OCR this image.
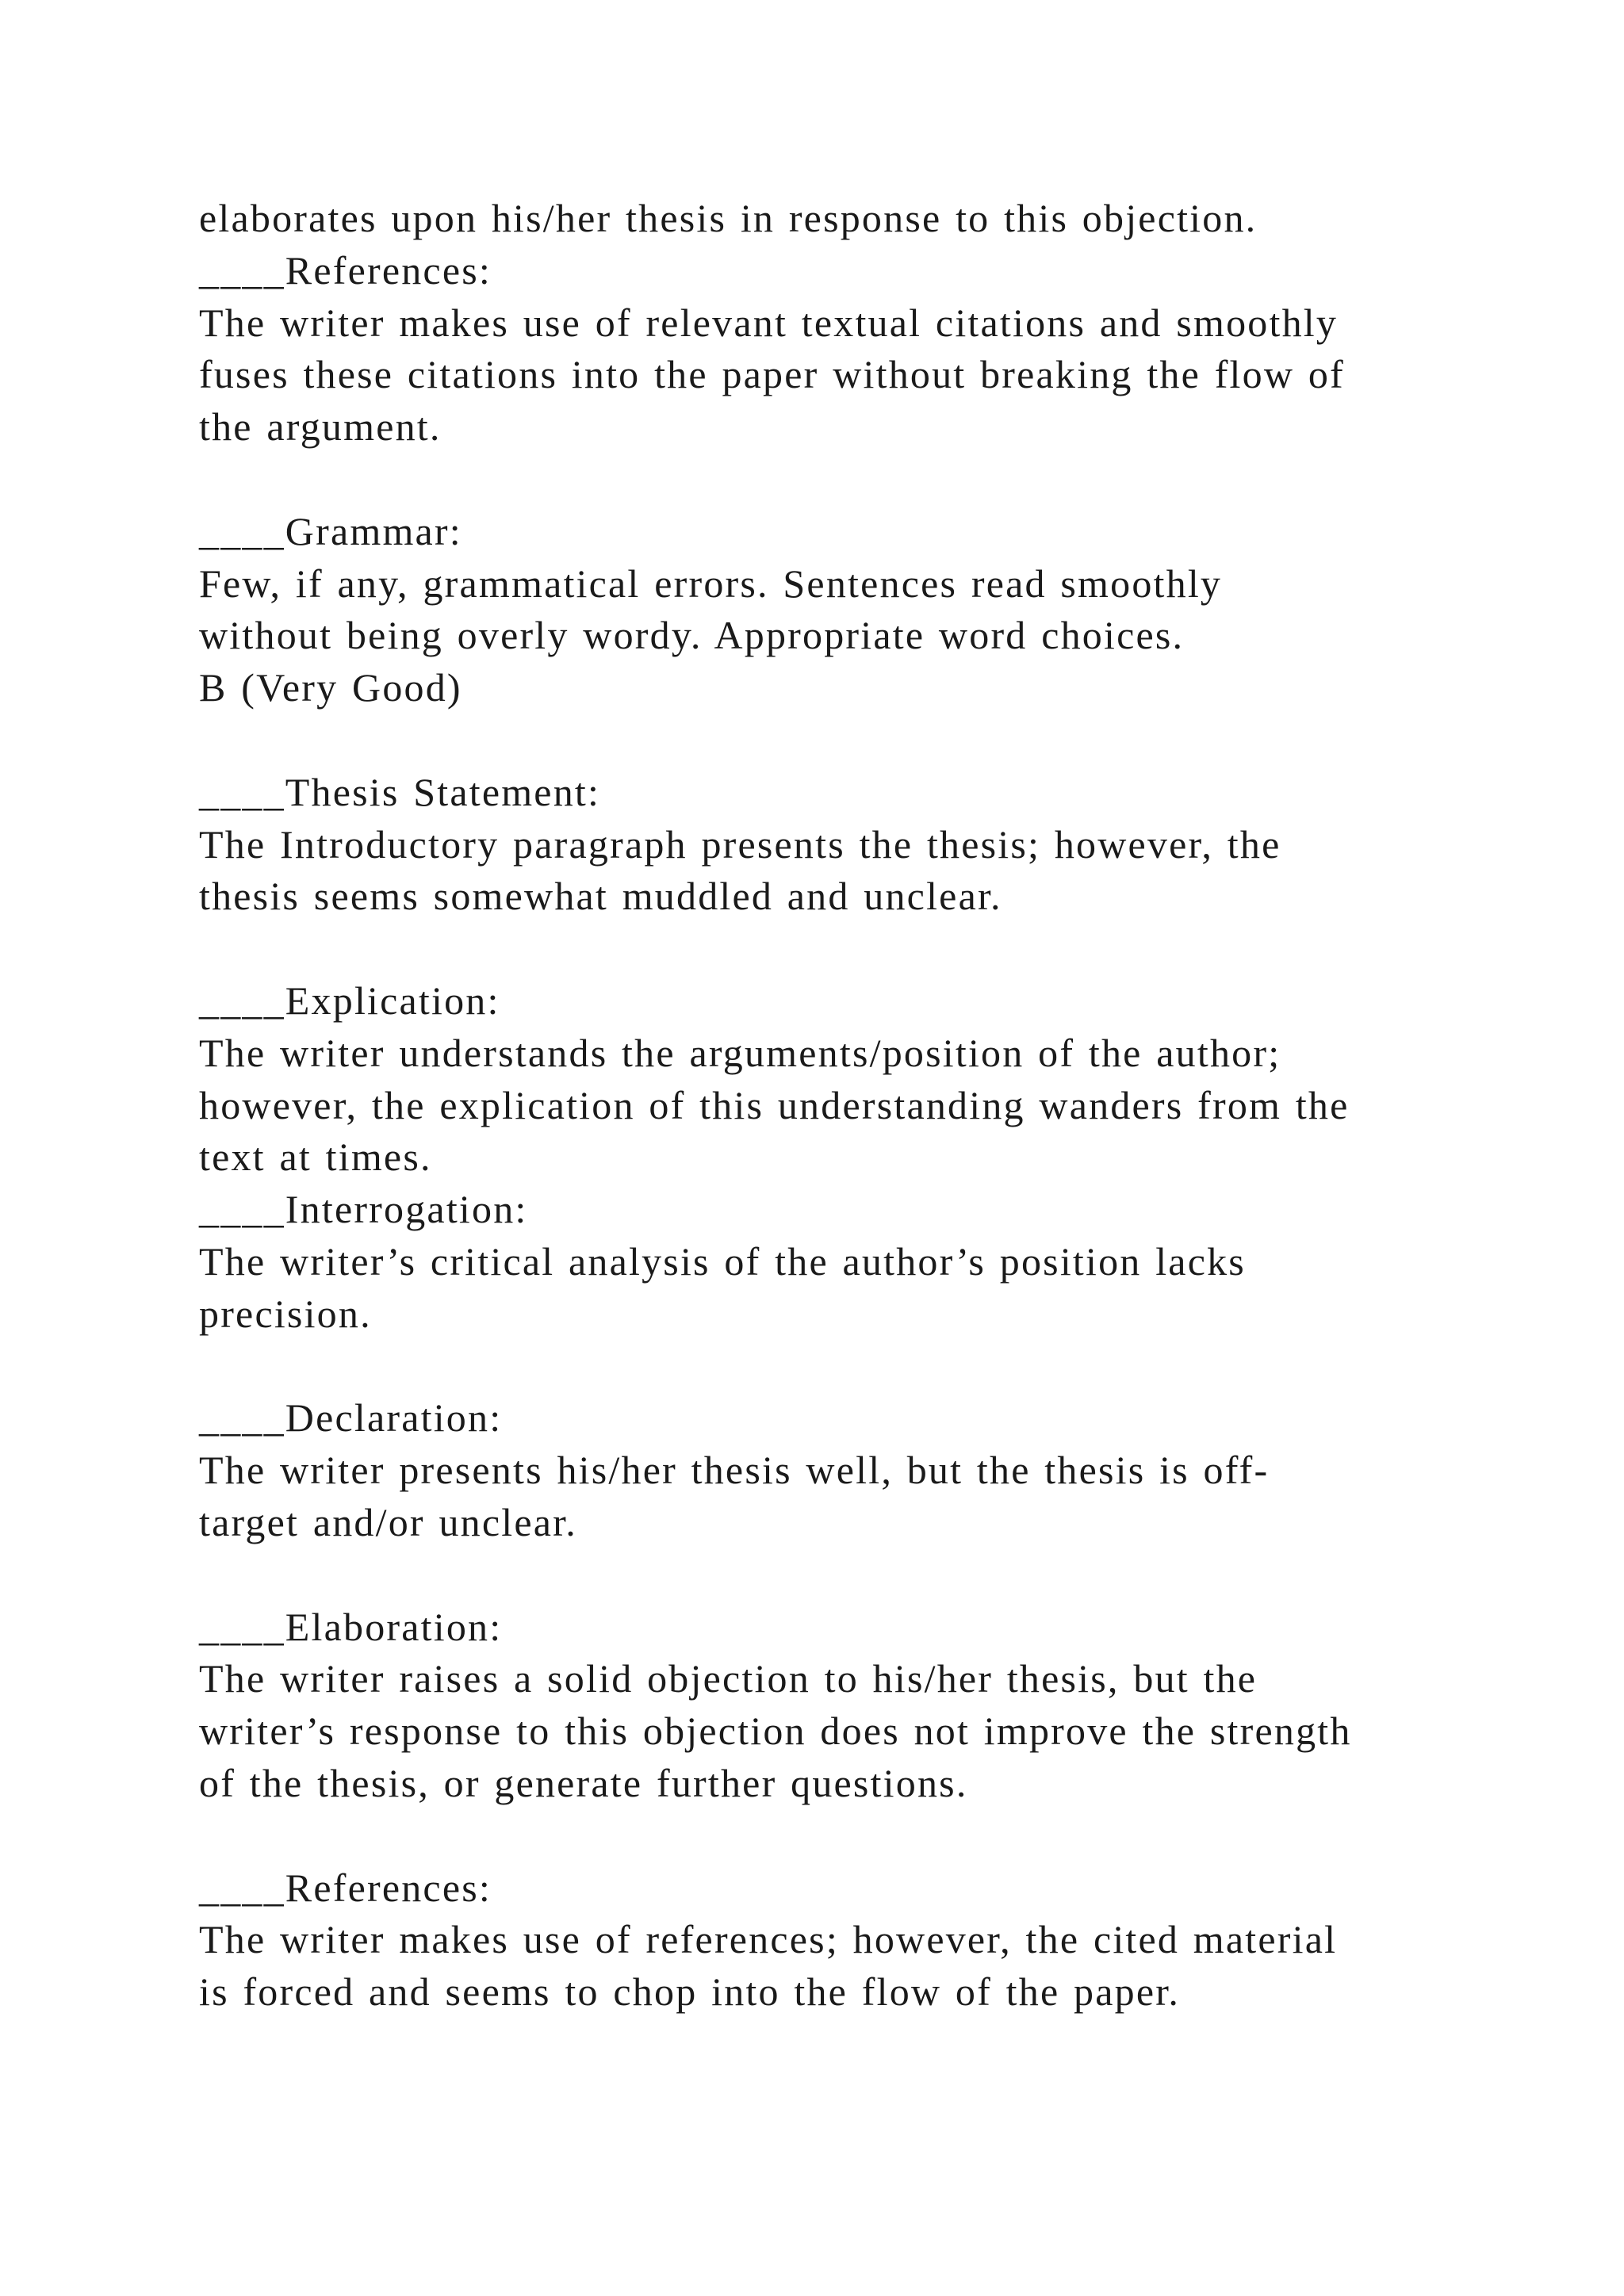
elaborates upon his/her thesis in response to this objection.
____References:
The writer makes use of relevant textual citations and smoothly
fuses these citations into the paper without breaking the flow of
the argument.
____Grammar:
Few, if any, grammatical errors. Sentences read smoothly
without being overly wordy. Appropriate word choices.
B (Very Good)
____Thesis Statement:
The Introductory paragraph presents the thesis; however, the
thesis seems somewhat muddled and unclear.
____Explication:
The writer understands the arguments/position of the author;
however, the explication of this understanding wanders from the
text at times.
____Interrogation:
The writer’s critical analysis of the author’s position lacks
precision.
____Declaration:
The writer presents his/her thesis well, but the thesis is off-
target and/or unclear.
____Elaboration:
The writer raises a solid objection to his/her thesis, but the
writer’s response to this objection does not improve the strength
of the thesis, or generate further questions.
____References:
The writer makes use of references; however, the cited material
is forced and seems to chop into the flow of the paper.
